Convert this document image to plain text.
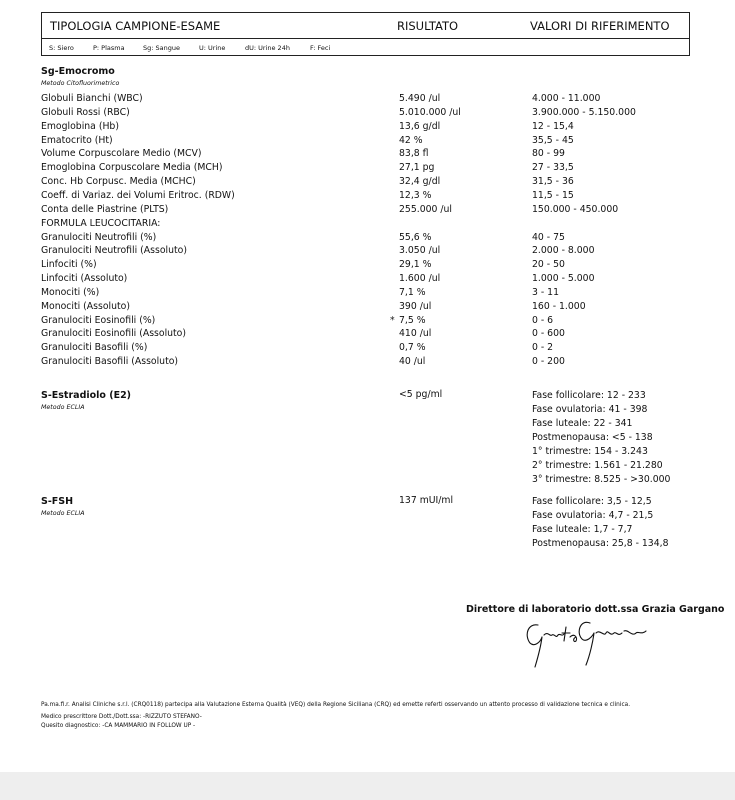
TIPOLOGIA CAMPIONE-ESAME	RISULTATO	VALORI DI RIFERIMENTO
S: Siero	P: Plasma	Sg: Sangue	U: Urine	dU: Urine 24h	F: Feci
Sg-Emocromo
Metodo Citofluorimetrico
Globuli Bianchi (WBC)	5.490 /ul	4.000 - 11.000
Globuli Rossi (RBC)	5.010.000 /ul	3.900.000 - 5.150.000
Emoglobina (Hb)	13,6 g/dl	12 - 15,4
Ematocrito (Ht)	42 %	35,5 - 45
Volume Corpuscolare Medio (MCV)	83,8 fl	80 - 99
Emoglobina Corpuscolare Media (MCH)	27,1 pg	27 - 33,5
Conc. Hb Corpusc. Media (MCHC)	32,4 g/dl	31,5 - 36
Coeff. di Variaz. dei Volumi Eritroc. (RDW)	12,3 %	11,5 - 15
Conta delle Piastrine (PLTS)	255.000 /ul	150.000 - 450.000
FORMULA LEUCOCITARIA:
Granulociti Neutrofili (%)	55,6 %	40 - 75
Granulociti Neutrofili (Assoluto)	3.050 /ul	2.000 - 8.000
Linfociti (%)	29,1 %	20 - 50
Linfociti (Assoluto)	1.600 /ul	1.000 - 5.000
Monociti (%)	7,1 %	3 - 11
Monociti (Assoluto)	390 /ul	160 - 1.000
Granulociti Eosinofili (%)	* 7,5 %	0 - 6
Granulociti Eosinofili (Assoluto)	410 /ul	0 - 600
Granulociti Basofili (%)	0,7 %	0 - 2
Granulociti Basofili (Assoluto)	40 /ul	0 - 200
S-Estradiolo (E2)
Metodo ECLIA
<5 pg/ml	Fase follicolare: 12 - 233
Fase ovulatoria: 41 - 398
Fase luteale: 22 - 341
Postmenopausa: <5 - 138
1° trimestre: 154 - 3.243
2° trimestre: 1.561 - 21.280
3° trimestre: 8.525 - >30.000
S-FSH
Metodo ECLIA
137 mUI/ml	Fase follicolare: 3,5 - 12,5
Fase ovulatoria: 4,7 - 21,5
Fase luteale: 1,7 - 7,7
Postmenopausa: 25,8 - 134,8
Direttore di laboratorio dott.ssa Grazia Gargano
Pa.ma.fi.r. Analisi Cliniche s.r.l. (CRQ0118) partecipa alla Valutazione Esterna Qualità (VEQ) della Regione Siciliana (CRQ) ed emette referti osservando un attento processo di validazione tecnica e clinica.
Medico prescrittore Dott./Dott.ssa: -RIZZUTO STEFANO-
Quesito diagnostico: -CA MAMMARIO IN FOLLOW UP -
